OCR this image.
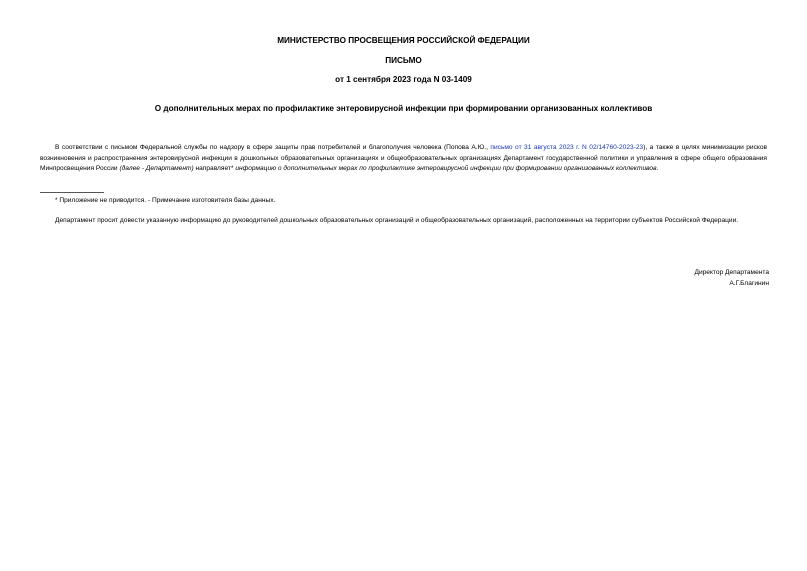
МИНИСТЕРСТВО ПРОСВЕЩЕНИЯ РОССИЙСКОЙ ФЕДЕРАЦИИ
ПИСЬМО
от 1 сентября 2023 года N 03-1409
О дополнительных мерах по профилактике энтеровирусной инфекции при формировании организованных коллективов

В соответствии с письмом Федеральной службы по надзору в сфере защиты прав потребителей и благополучия человека (Попова А.Ю., письмо от 31 августа 2023 г. N 02/14760-2023-23), а также в целях минимизации рисков возникновения и распространения энтеровирусной инфекции в дошкольных образовательных организациях и общеобразовательных организациях Департамент государственной политики и управления в сфере общего образования Минпросвещения России (далее - Департамент) направляет* информацию о дополнительных мерах по профилактике энтеровирусной инфекции при формировании организованных коллективов.

* Приложение не приводится. - Примечание изготовителя базы данных.

Департамент просит довести указанную информацию до руководителей дошкольных образовательных организаций и общеобразовательных организаций, расположенных на территории субъектов Российской Федерации.

Директор Департамента
А.Г.Благинин
